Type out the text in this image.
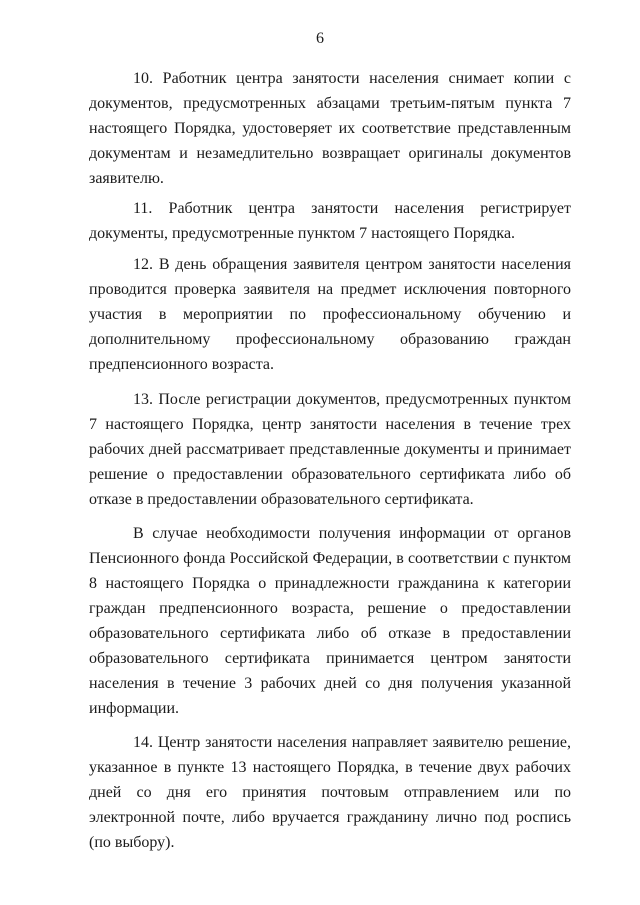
6

10. Работник центра занятости населения снимает копии с документов, предусмотренных абзацами третьим-пятым пункта 7 настоящего Порядка, удостоверяет их соответствие представленным документам и незамедлительно возвращает оригиналы документов заявителю.

11. Работник центра занятости населения регистрирует документы, предусмотренные пунктом 7 настоящего Порядка.

12. В день обращения заявителя центром занятости населения проводится проверка заявителя на предмет исключения повторного участия в мероприятии по профессиональному обучению и дополнительному профессиональному образованию граждан предпенсионного возраста.

13. После регистрации документов, предусмотренных пунктом 7 настоящего Порядка, центр занятости населения в течение трех рабочих дней рассматривает представленные документы и принимает решение о предоставлении образовательного сертификата либо об отказе в предоставлении образовательного сертификата.

В случае необходимости получения информации от органов Пенсионного фонда Российской Федерации, в соответствии с пунктом 8 настоящего Порядка о принадлежности гражданина к категории граждан предпенсионного возраста, решение о предоставлении образовательного сертификата либо об отказе в предоставлении образовательного сертификата принимается центром занятости населения в течение 3 рабочих дней со дня получения указанной информации.

14. Центр занятости населения направляет заявителю решение, указанное в пункте 13 настоящего Порядка, в течение двух рабочих дней со дня его принятия почтовым отправлением или по электронной почте, либо вручается гражданину лично под роспись (по выбору).
